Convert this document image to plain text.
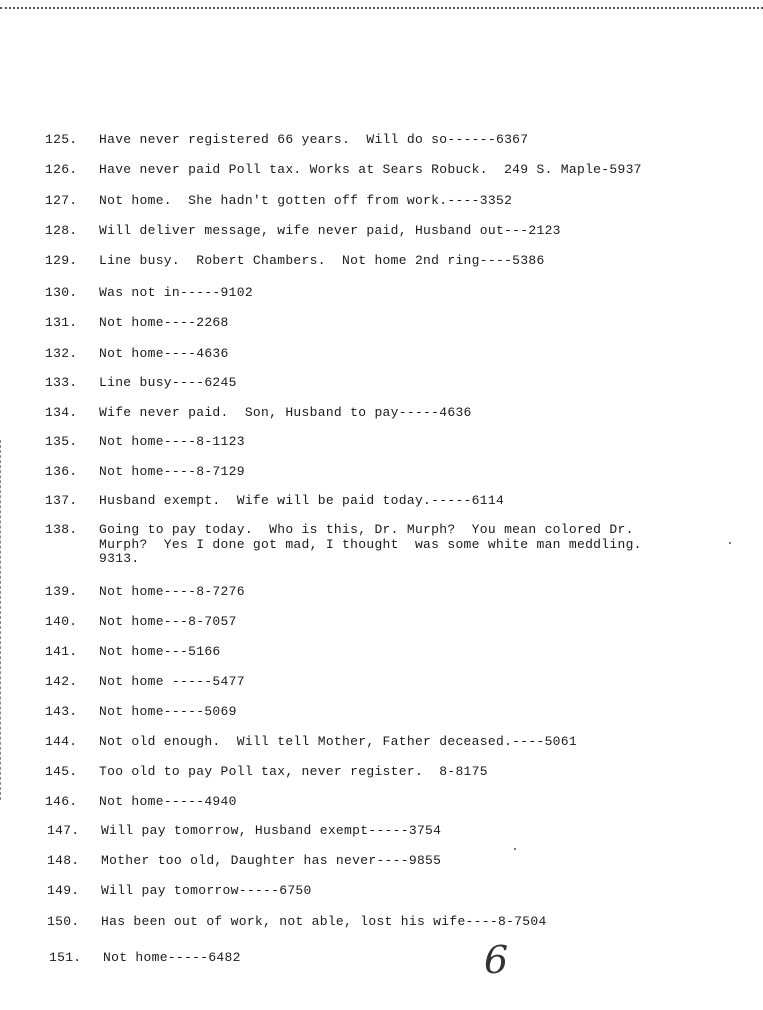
125.

	Have never registered 66 years.  Will do so------6367

126.

	Have never paid Poll tax. Works at Sears Robuck.  249 S. Maple-5937

127.

	Not home.  She hadn't gotten off from work.----3352

128.

	Will deliver message, wife never paid, Husband out---2123

129.

	Line busy.  Robert Chambers.  Not home 2nd ring----5386

130.

	Was not in-----9102

131.

	Not home----2268

132.

	Not home----4636

133.

	Line busy----6245

134.

	Wife never paid.  Son, Husband to pay-----4636

135.

	Not home----8-1123

136.

	Not home----8-7129

137.

	Husband exempt.  Wife will be paid today.-----6114

138.

	Going to pay today.  Who is this, Dr. Murph?  You mean colored Dr.

Murph?  Yes I done got mad, I thought  was some white man meddling.

9313.

139.

	Not home----8-7276

140.

	Not home---8-7057

141.

	Not home---5166

142.

	Not home -----5477

143.

	Not home-----5069

144.

	Not old enough.  Will tell Mother, Father deceased.----5061

145.

	Too old to pay Poll tax, never register.  8-8175

146.

	Not home-----4940

147.

	Will pay tomorrow, Husband exempt-----3754

148.

	Mother too old, Daughter has never----9855

149.

	Will pay tomorrow-----6750

150.

	Has been out of work, not able, lost his wife----8-7504

151.

	Not home-----6482

	6
